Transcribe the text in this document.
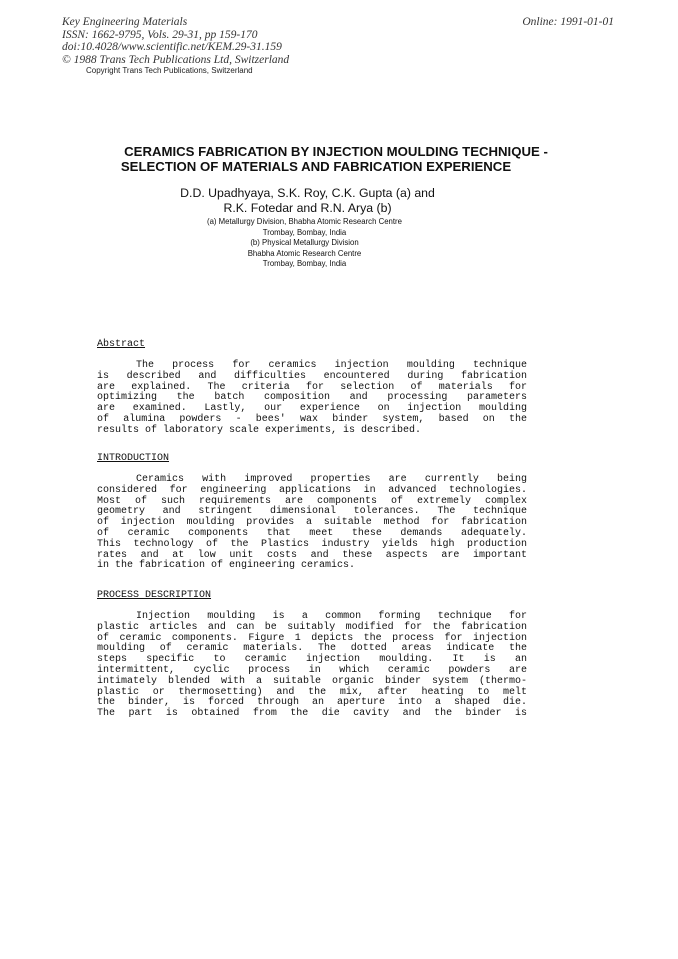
Key Engineering Materials
ISSN: 1662-9795, Vols. 29-31, pp 159-170
doi:10.4028/www.scientific.net/KEM.29-31.159
© 1988 Trans Tech Publications Ltd, Switzerland
Online: 1991-01-01
Copyright Trans Tech Publications, Switzerland
CERAMICS FABRICATION BY INJECTION MOULDING TECHNIQUE -
SELECTION OF MATERIALS AND FABRICATION EXPERIENCE
D.D. Upadhyaya, S.K. Roy, C.K. Gupta (a) and
R.K. Fotedar and R.N. Arya (b)
(a) Metallurgy Division, Bhabha Atomic Research Centre
Trombay, Bombay, India
(b) Physical Metallurgy Division
Bhabha Atomic Research Centre
Trombay, Bombay, India
Abstract
The process for ceramics injection moulding technique
is described and difficulties encountered during fabrication
are explained. The criteria for selection of materials for
optimizing the batch composition and processing parameters
are examined. Lastly, our experience on injection moulding
of alumina powders - bees' wax binder system, based on the
results of laboratory scale experiments, is described.
INTRODUCTION
Ceramics with improved properties are currently being
considered for engineering applications in advanced technologies.
Most of such requirements are components of extremely complex
geometry and stringent dimensional tolerances. The technique
of injection moulding provides a suitable method for fabrication
of ceramic components that meet these demands adequately.
This technology of the Plastics industry yields high production
rates and at low unit costs and these aspects are important
in the fabrication of engineering ceramics.
PROCESS DESCRIPTION
Injection moulding is a common forming technique for
plastic articles and can be suitably modified for the fabrication
of ceramic components. Figure 1 depicts the process for injection
moulding of ceramic materials. The dotted areas indicate the
steps specific to ceramic injection moulding. It is an
intermittent, cyclic process in which ceramic powders are
intimately blended with a suitable organic binder system (thermo-
plastic or thermosetting) and the mix, after heating to melt
the binder, is forced through an aperture into a shaped die.
The part is obtained from the die cavity and the binder is
